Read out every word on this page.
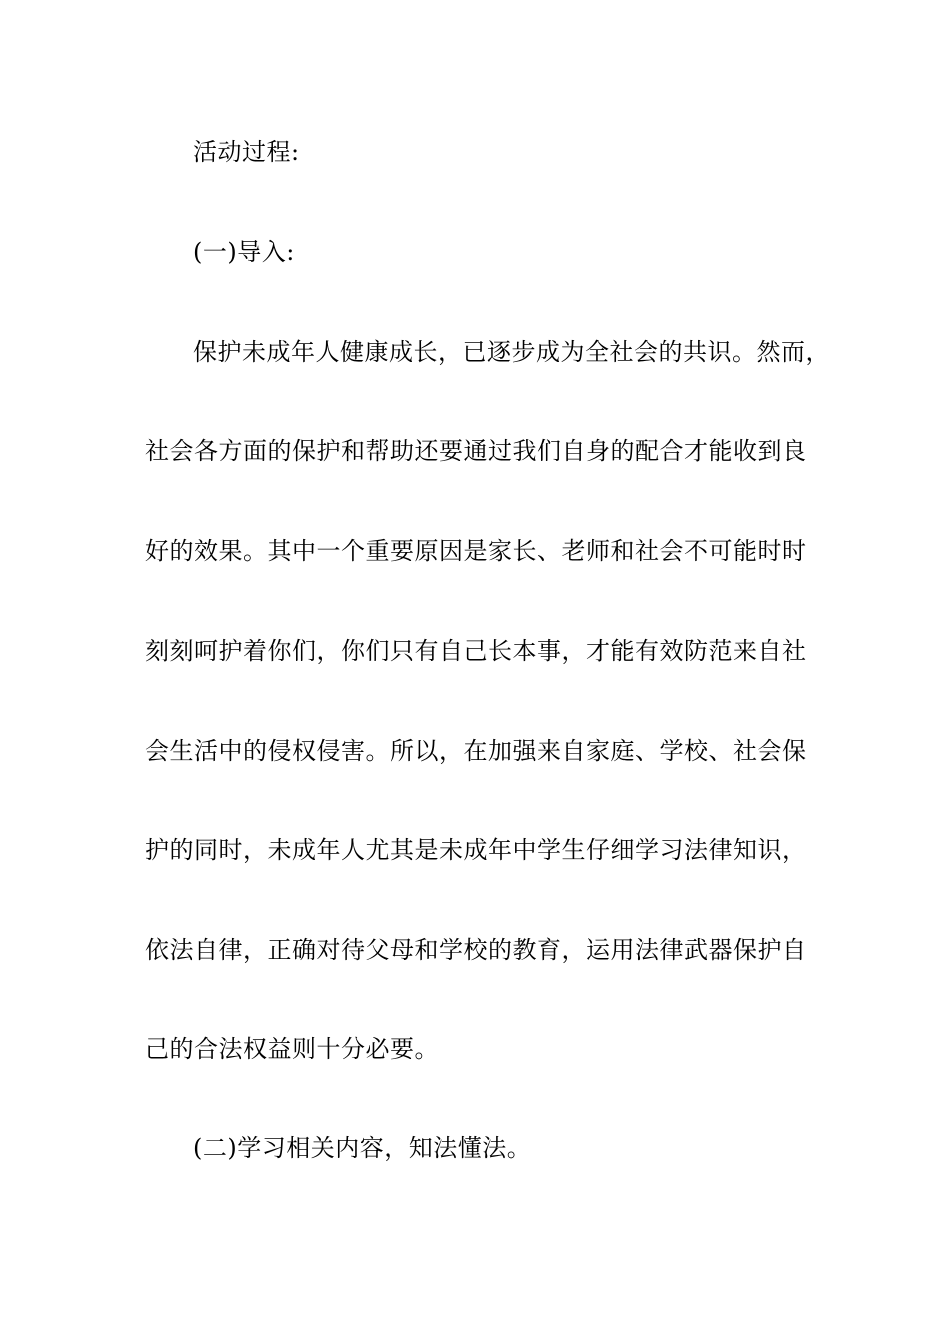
活动过程:
(一)导入:
保护未成年人健康成长，已逐步成为全社会的共识。然而，
社会各方面的保护和帮助还要通过我们自身的配合才能收到良
好的效果。其中一个重要原因是家长、老师和社会不可能时时
刻刻呵护着你们，你们只有自己长本事，才能有效防范来自社
会生活中的侵权侵害。所以，在加强来自家庭、学校、社会保
护的同时，未成年人尤其是未成年中学生仔细学习法律知识，
依法自律，正确对待父母和学校的教育，运用法律武器保护自
己的合法权益则十分必要。
(二)学习相关内容，知法懂法。
